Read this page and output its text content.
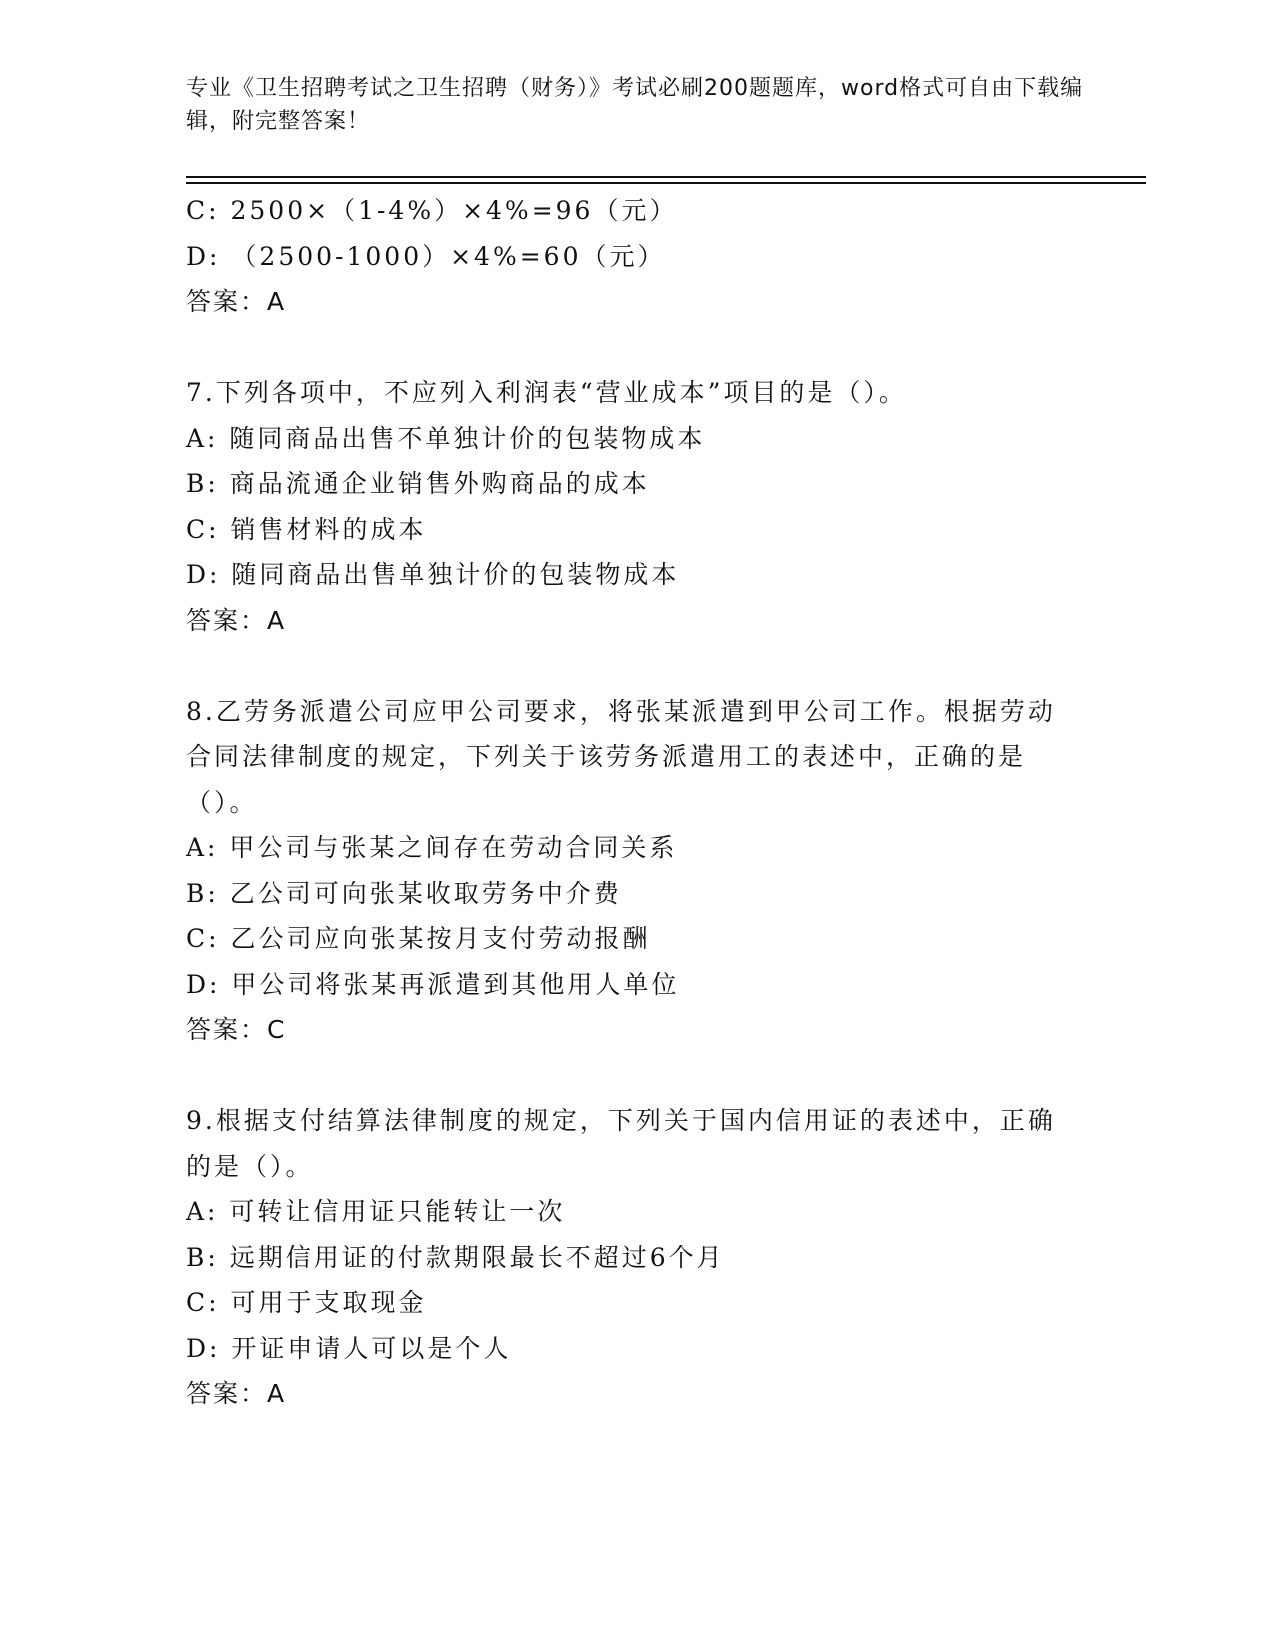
专业《卫生招聘考试之卫生招聘（财务）》考试必刷200题题库，word格式可自由下载编辑，附完整答案！
C: 2500×（1-4%）×4%=96（元）
D: （2500-1000）×4%=60（元）
答案：A
7.下列各项中，不应列入利润表“营业成本”项目的是（）。
A: 随同商品出售不单独计价的包装物成本
B: 商品流通企业销售外购商品的成本
C: 销售材料的成本
D: 随同商品出售单独计价的包装物成本
答案：A
8.乙劳务派遣公司应甲公司要求，将张某派遣到甲公司工作。根据劳动合同法律制度的规定，下列关于该劳务派遣用工的表述中，正确的是（）。
A: 甲公司与张某之间存在劳动合同关系
B: 乙公司可向张某收取劳务中介费
C: 乙公司应向张某按月支付劳动报酬
D: 甲公司将张某再派遣到其他用人单位
答案：C
9.根据支付结算法律制度的规定，下列关于国内信用证的表述中，正确的是（）。
A: 可转让信用证只能转让一次
B: 远期信用证的付款期限最长不超过6个月
C: 可用于支取现金
D: 开证申请人可以是个人
答案：A
